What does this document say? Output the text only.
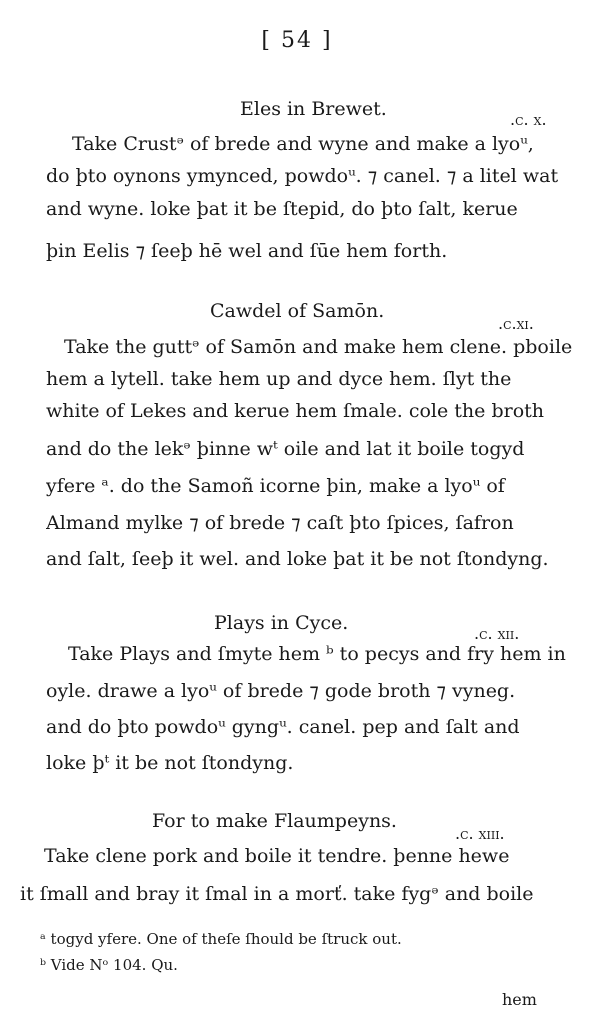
[ 54 ]
Eles in Brewet.	.c. x.
Take Crustᵊ of brede and wyne and make a lyoᵘ,
do þto oynons ymynced, powdoᵘ. ⁊ canel. ⁊ a litel wat
and wyne. loke þat it be ſtepid, do þto ſalt, kerue
þin Eelis ⁊ ſeeþ hē wel and ſūe hem forth.
Cawdel of Samōn.
.c.xi.
Take the guttᵊ of Samōn and make hem clene. pboile
hem a lytell. take hem up and dyce hem. ſlyt the
white of Lekes and kerue hem ſmale. cole the broth
and do the lekᵊ þinne wᵗ oile and lat it boile togyd
yfere ᵃ. do the Samoñ icorne þin, make a lyoᵘ of
Almand mylke ⁊ of brede ⁊ caſt þto ſpices, ſafron
and ſalt, ſeeþ it wel. and loke þat it be not ſtondyng.
Plays in Cyce.	.c. xii.
Take Plays and ſmyte hem ᵇ to pecys and fry hem in
oyle. drawe a lyoᵘ of brede ⁊ gode broth ⁊ vyneg.
and do þto powdoᵘ gyngᵘ. canel. pep and ſalt and
loke þᵗ it be not ſtondyng.
For to make Flaumpeyns.
.c. xiii.
Take clene pork and boile it tendre. þenne hewe
it ſmall and bray it ſmal in a morť. take fygᵊ and boile
ᵃ togyd yfere. One of theſe ſhould be ſtruck out.
ᵇ Vide Nᵒ 104. Qu.
hem
